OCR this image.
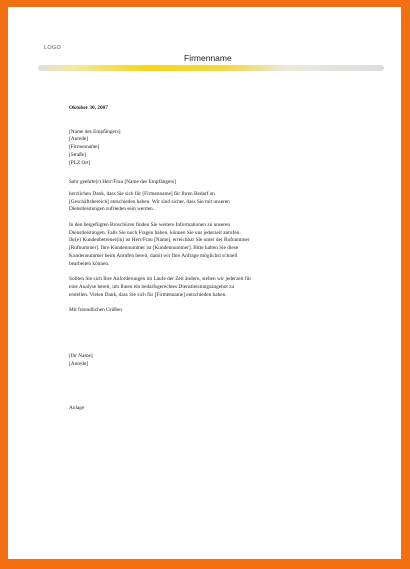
LOGO
Firmenname

Oktober 30, 2007

[Name des Empfängers]
[Anrede]
[Firmenname]
[Straße]
[PLZ Ort]

Sehr geehrte(r) Herr/Frau [Name des Empfängers]

herzlichen Dank, dass Sie sich für [Firmenname] für Ihren Bedarf an
[Geschäftsbereich] entschieden haben. Wir sind sicher, dass Sie mit unseren
Dienstleistungen zufrieden sein werden.

In den beigefügten Broschüren finden Sie weitere Informationen zu unseren
Dienstleistungen. Falls Sie noch Fragen haben, können Sie uns jederzeit anrufen.
Ihr(e) Kundenbetreuer(in) ist Herr/Frau [Name], erreichbar Sie unter der Rufnummer
[Rufnummer]. Ihre Kundennummer ist [Kundennummer]. Bitte halten Sie diese
Kundennummer beim Anrufen bereit, damit wir Ihre Anfrage möglichst schnell
bearbeiten können.

Sollten Sie sich Ihre Anforderungen im Laufe der Zeit ändern, stehen wir jederzeit für
eine Analyse bereit, um Ihnen ein bedarfsgerechtes Dienstleistungsangebot zu
erstellen. Vielen Dank, dass Sie sich für [Firmenname] entschieden haben.

Mit freundlichen Grüßen

[Ihr Name]
[Anrede]

Anlage
